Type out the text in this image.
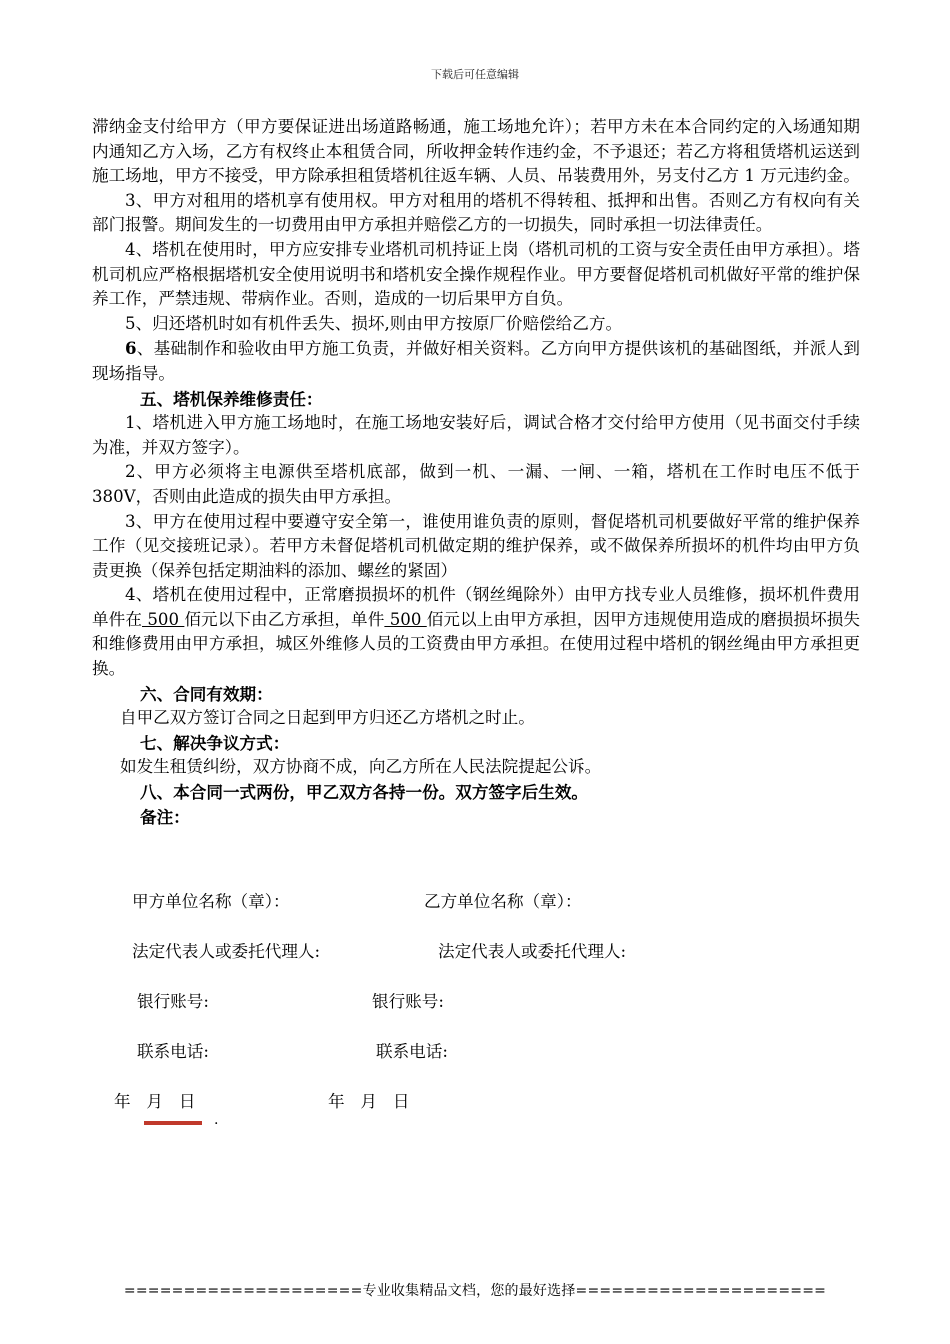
下载后可任意编辑

滞纳金支付给甲方（甲方要保证进出场道路畅通，施工场地允许）；若甲方未在本合同约定的入场通知期内通知乙方入场，乙方有权终止本租赁合同，所收押金转作违约金，不予退还；若乙方将租赁塔机运送到施工场地，甲方不接受，甲方除承担租赁塔机往返车辆、人员、吊装费用外，另支付乙方 1 万元违约金。

3、甲方对租用的塔机享有使用权。甲方对租用的塔机不得转租、抵押和出售。否则乙方有权向有关部门报警。期间发生的一切费用由甲方承担并赔偿乙方的一切损失，同时承担一切法律责任。

4、塔机在使用时，甲方应安排专业塔机司机持证上岗（塔机司机的工资与安全责任由甲方承担）。塔机司机应严格根据塔机安全使用说明书和塔机安全操作规程作业。甲方要督促塔机司机做好平常的维护保养工作，严禁违规、带病作业。否则，造成的一切后果甲方自负。

5、归还塔机时如有机件丢失、损坏,则由甲方按原厂价赔偿给乙方。

6、基础制作和验收由甲方施工负责，并做好相关资料。乙方向甲方提供该机的基础图纸，并派人到现场指导。

五、塔机保养维修责任：

1、塔机进入甲方施工场地时，在施工场地安装好后，调试合格才交付给甲方使用（见书面交付手续为准，并双方签字）。

2、甲方必须将主电源供至塔机底部，做到一机、一漏、一闸、一箱，塔机在工作时电压不低于 380V，否则由此造成的损失由甲方承担。

3、甲方在使用过程中要遵守安全第一，谁使用谁负责的原则，督促塔机司机要做好平常的维护保养工作（见交接班记录）。若甲方未督促塔机司机做定期的维护保养，或不做保养所损坏的机件均由甲方负责更换（保养包括定期油料的添加、螺丝的紧固）

4、塔机在使用过程中，正常磨损损坏的机件（钢丝绳除外）由甲方找专业人员维修，损坏机件费用单件在 500 佰元以下由乙方承担，单件 500 佰元以上由甲方承担，因甲方违规使用造成的磨损损坏损失和维修费用由甲方承担，城区外维修人员的工资费由甲方承担。在使用过程中塔机的钢丝绳由甲方承担更换。

六、合同有效期：

自甲乙双方签订合同之日起到甲方归还乙方塔机之时止。

七、解决争议方式：

如发生租赁纠纷，双方协商不成，向乙方所在人民法院提起公诉。

八、本合同一式两份，甲乙双方各持一份。双方签字后生效。

备注：

甲方单位名称（章）：	乙方单位名称（章）：
法定代表人或委托代理人:	法定代表人或委托代理人:
银行账号:	银行账号:
联系电话:	联系电话:
年   月   日	年   月   日
.
====================专业收集精品文档，您的最好选择=====================
